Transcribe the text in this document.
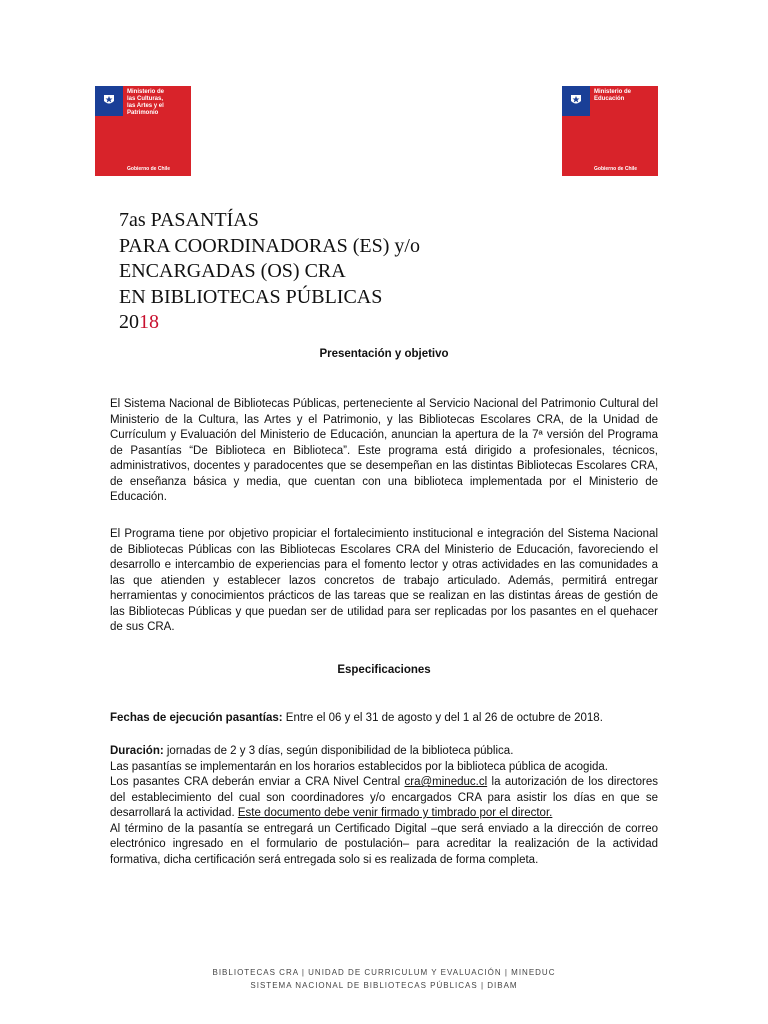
Ministerio de
las Culturas,
las Artes y el
Patrimonio
Gobierno de Chile
Ministerio de
Educación
Gobierno de Chile
7as PASANTÍAS
PARA COORDINADORAS (ES) y/o
ENCARGADAS (OS) CRA
EN BIBLIOTECAS PÚBLICAS
2018
Presentación y objetivo
El Sistema Nacional de Bibliotecas Públicas, perteneciente al Servicio Nacional del Patrimonio Cultural del Ministerio de la Cultura, las Artes y el Patrimonio, y las Bibliotecas Escolares CRA, de la Unidad de Currículum y Evaluación del Ministerio de Educación, anuncian la apertura de la 7ª versión del Programa de Pasantías “De Biblioteca en Biblioteca”. Este programa está dirigido a profesionales, técnicos, administrativos, docentes y paradocentes que se desempeñan en las distintas Bibliotecas Escolares CRA, de enseñanza básica y media, que cuentan con una biblioteca implementada por el Ministerio de Educación.
El Programa tiene por objetivo propiciar el fortalecimiento institucional e integración del Sistema Nacional de Bibliotecas Públicas con las Bibliotecas Escolares CRA del Ministerio de Educación, favoreciendo el desarrollo e intercambio de experiencias para el fomento lector y otras actividades en las comunidades a las que atienden y establecer lazos concretos de trabajo articulado. Además, permitirá entregar herramientas y conocimientos prácticos de las tareas que se realizan en las distintas áreas de gestión de las Bibliotecas Públicas y que puedan ser de utilidad para ser replicadas por los pasantes en el quehacer de sus CRA.
Especificaciones
Fechas de ejecución pasantías: Entre el 06 y el 31 de agosto y del 1 al 26 de octubre de 2018.
Duración: jornadas de 2 y 3 días, según disponibilidad de la biblioteca pública.
Las pasantías se implementarán en los horarios establecidos por la biblioteca pública de acogida.
Los pasantes CRA deberán enviar a CRA Nivel Central cra@mineduc.cl la autorización de los directores del establecimiento del cual son coordinadores y/o encargados CRA para asistir los días en que se desarrollará la actividad. Este documento debe venir firmado y timbrado por el director.
Al término de la pasantía se entregará un Certificado Digital –que será enviado a la dirección de correo electrónico ingresado en el formulario de postulación– para acreditar la realización de la actividad formativa, dicha certificación será entregada solo si es realizada de forma completa.
BIBLIOTECAS CRA | UNIDAD DE CURRICULUM Y EVALUACIÓN | MINEDUC
SISTEMA NACIONAL DE BIBLIOTECAS PÚBLICAS | DIBAM
